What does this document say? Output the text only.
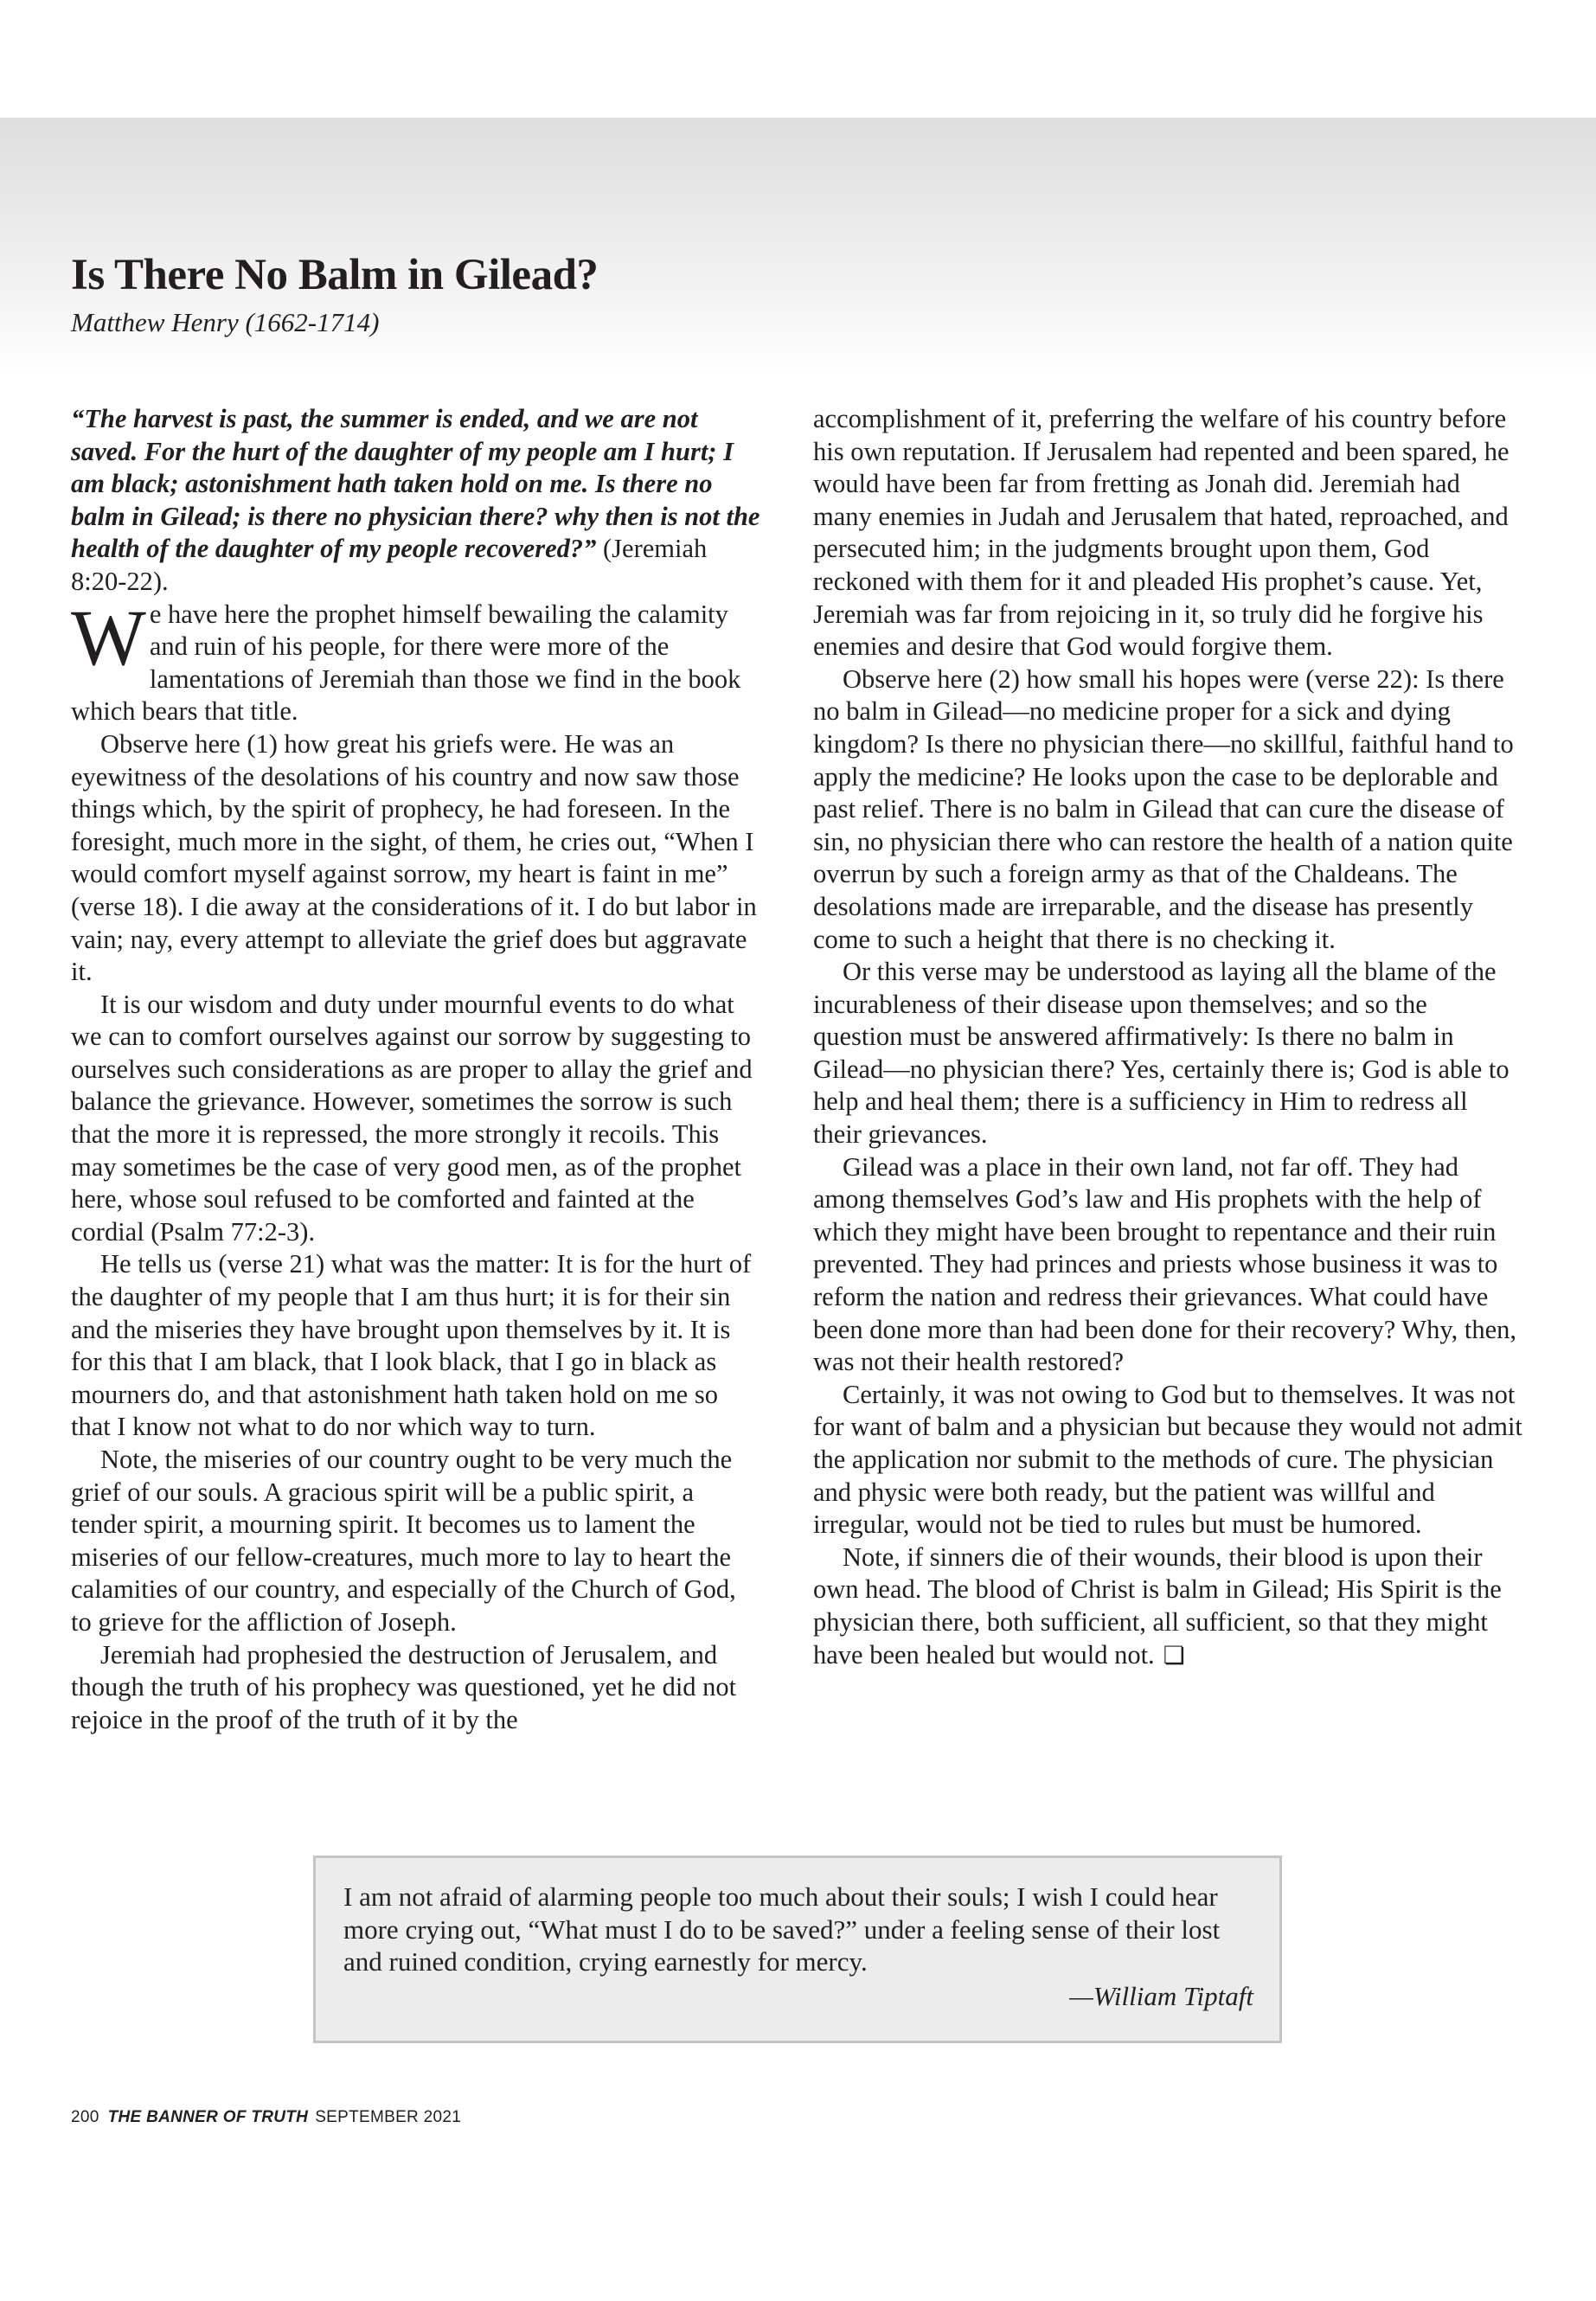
Is There No Balm in Gilead?
Matthew Henry (1662-1714)

“The harvest is past, the summer is ended, and we are not saved. For the hurt of the daughter of my people am I hurt; I am black; astonishment hath taken hold on me. Is there no balm in Gilead; is there no physician there? why then is not the health of the daughter of my people recovered?” (Jeremiah 8:20-22).

We have here the prophet himself bewailing the calamity and ruin of his people, for there were more of the lamentations of Jeremiah than those we find in the book which bears that title.

Observe here (1) how great his griefs were. He was an eyewitness of the desolations of his country and now saw those things which, by the spirit of prophecy, he had foreseen. In the foresight, much more in the sight, of them, he cries out, “When I would comfort myself against sorrow, my heart is faint in me” (verse 18). I die away at the considerations of it. I do but labor in vain; nay, every attempt to alleviate the grief does but aggravate it.

It is our wisdom and duty under mournful events to do what we can to comfort ourselves against our sorrow by suggesting to ourselves such considerations as are proper to allay the grief and balance the grievance. However, sometimes the sorrow is such that the more it is repressed, the more strongly it recoils. This may sometimes be the case of very good men, as of the prophet here, whose soul refused to be comforted and fainted at the cordial (Psalm 77:2-3).

He tells us (verse 21) what was the matter: It is for the hurt of the daughter of my people that I am thus hurt; it is for their sin and the miseries they have brought upon themselves by it. It is for this that I am black, that I look black, that I go in black as mourners do, and that astonishment hath taken hold on me so that I know not what to do nor which way to turn.

Note, the miseries of our country ought to be very much the grief of our souls. A gracious spirit will be a public spirit, a tender spirit, a mourning spirit. It becomes us to lament the miseries of our fellow-creatures, much more to lay to heart the calamities of our country, and especially of the Church of God, to grieve for the affliction of Joseph.

Jeremiah had prophesied the destruction of Jerusalem, and though the truth of his prophecy was questioned, yet he did not rejoice in the proof of the truth of it by the

accomplishment of it, preferring the welfare of his country before his own reputation. If Jerusalem had repented and been spared, he would have been far from fretting as Jonah did. Jeremiah had many enemies in Judah and Jerusalem that hated, reproached, and persecuted him; in the judgments brought upon them, God reckoned with them for it and pleaded His prophet’s cause. Yet, Jeremiah was far from rejoicing in it, so truly did he forgive his enemies and desire that God would forgive them.

Observe here (2) how small his hopes were (verse 22): Is there no balm in Gilead—no medicine proper for a sick and dying kingdom? Is there no physician there—no skillful, faithful hand to apply the medicine? He looks upon the case to be deplorable and past relief. There is no balm in Gilead that can cure the disease of sin, no physician there who can restore the health of a nation quite overrun by such a foreign army as that of the Chaldeans. The desolations made are irreparable, and the disease has presently come to such a height that there is no checking it.

Or this verse may be understood as laying all the blame of the incurableness of their disease upon themselves; and so the question must be answered affirmatively: Is there no balm in Gilead—no physician there? Yes, certainly there is; God is able to help and heal them; there is a sufficiency in Him to redress all their grievances.

Gilead was a place in their own land, not far off. They had among themselves God’s law and His prophets with the help of which they might have been brought to repentance and their ruin prevented. They had princes and priests whose business it was to reform the nation and redress their grievances. What could have been done more than had been done for their recovery? Why, then, was not their health restored?

Certainly, it was not owing to God but to themselves. It was not for want of balm and a physician but because they would not admit the application nor submit to the methods of cure. The physician and physic were both ready, but the patient was willful and irregular, would not be tied to rules but must be humored.

Note, if sinners die of their wounds, their blood is upon their own head. The blood of Christ is balm in Gilead; His Spirit is the physician there, both sufficient, all sufficient, so that they might have been healed but would not. ❏

I am not afraid of alarming people too much about their souls; I wish I could hear more crying out, “What must I do to be saved?” under a feeling sense of their lost and ruined condition, crying earnestly for mercy.

—William Tiptaft

200 THE BANNER OF TRUTH SEPTEMBER 2021
